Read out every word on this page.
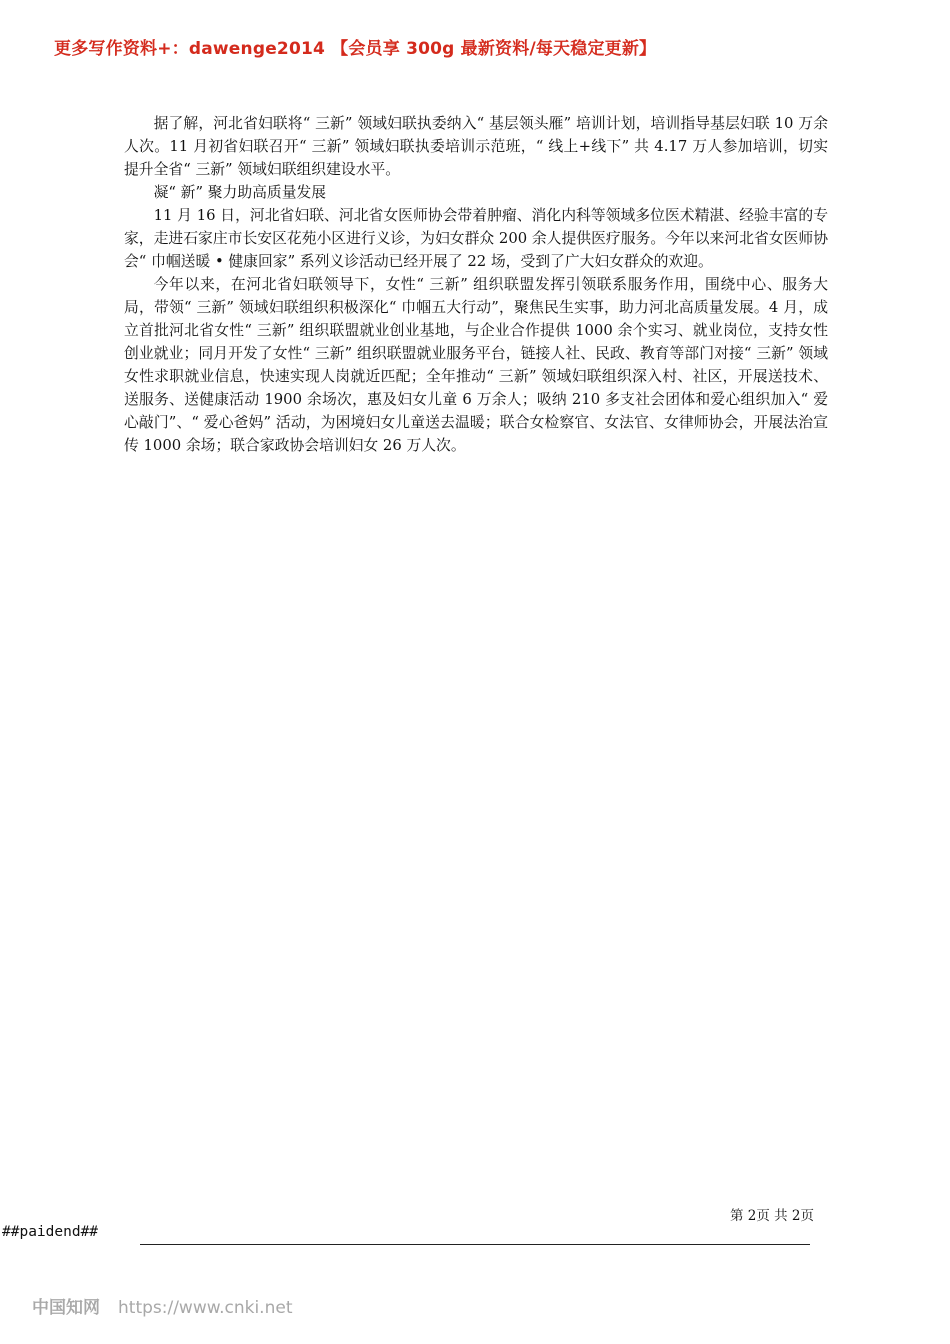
更多写作资料+：dawenge2014 【会员享 300g 最新资料/每天稳定更新】

据了解，河北省妇联将“ 三新” 领域妇联执委纳入“ 基层领头雁” 培训计划，培训指导基层妇联 10 万余人次。11 月初省妇联召开“ 三新” 领域妇联执委培训示范班，“ 线上+线下” 共 4.17 万人参加培训，切实提升全省“ 三新” 领域妇联组织建设水平。

凝“ 新” 聚力助高质量发展

11 月 16 日，河北省妇联、河北省女医师协会带着肿瘤、消化内科等领域多位医术精湛、经验丰富的专家，走进石家庄市长安区花苑小区进行义诊，为妇女群众 200 余人提供医疗服务。今年以来河北省女医师协会“ 巾帼送暖 • 健康回家” 系列义诊活动已经开展了 22 场，受到了广大妇女群众的欢迎。

今年以来，在河北省妇联领导下，女性“ 三新” 组织联盟发挥引领联系服务作用，围绕中心、服务大局，带领“ 三新” 领域妇联组织积极深化“ 巾帼五大行动”，聚焦民生实事，助力河北高质量发展。4 月，成立首批河北省女性“ 三新” 组织联盟就业创业基地，与企业合作提供 1000 余个实习、就业岗位，支持女性创业就业；同月开发了女性“ 三新” 组织联盟就业服务平台，链接人社、民政、教育等部门对接“ 三新” 领域女性求职就业信息，快速实现人岗就近匹配；全年推动“ 三新” 领域妇联组织深入村、社区，开展送技术、送服务、送健康活动 1900 余场次，惠及妇女儿童 6 万余人；吸纳 210 多支社会团体和爱心组织加入“ 爱心敲门”、“ 爱心爸妈” 活动，为困境妇女儿童送去温暖；联合女检察官、女法官、女律师协会，开展法治宣传 1000 余场；联合家政协会培训妇女 26 万人次。

第 2页 共 2页
##paidend##
中国知网 https://www.cnki.net
